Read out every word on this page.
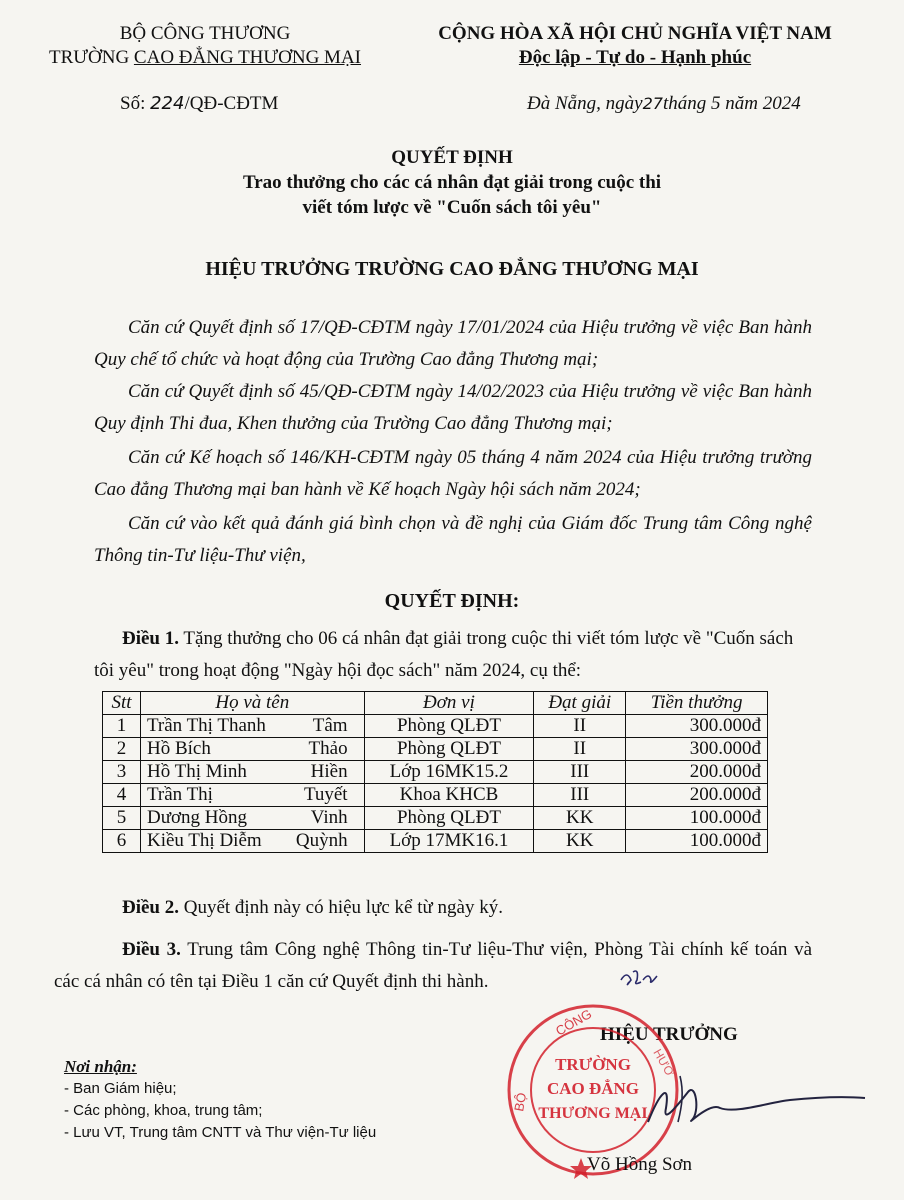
BỘ CÔNG THƯƠNG
TRƯỜNG CAO ĐẲNG THƯƠNG MẠI
CỘNG HÒA XÃ HỘI CHỦ NGHĨA VIỆT NAM
Độc lập - Tự do - Hạnh phúc
Số: 224/QĐ-CĐTM	Đà Nẵng, ngày27tháng 5 năm 2024
QUYẾT ĐỊNH
Trao thưởng cho các cá nhân đạt giải trong cuộc thi
viết tóm lược về "Cuốn sách tôi yêu"
HIỆU TRƯỞNG TRƯỜNG CAO ĐẲNG THƯƠNG MẠI
Căn cứ Quyết định số 17/QĐ-CĐTM ngày 17/01/2024 của Hiệu trưởng về việc Ban hành Quy chế tổ chức và hoạt động của Trường Cao đẳng Thương mại;
Căn cứ Quyết định số 45/QĐ-CĐTM ngày 14/02/2023 của Hiệu trưởng về việc Ban hành Quy định Thi đua, Khen thưởng của Trường Cao đẳng Thương mại;
Căn cứ Kế hoạch số 146/KH-CĐTM ngày 05 tháng 4 năm 2024 của Hiệu trưởng trường Cao đẳng Thương mại ban hành về Kế hoạch Ngày hội sách năm 2024;
Căn cứ vào kết quả đánh giá bình chọn và đề nghị của Giám đốc Trung tâm Công nghệ Thông tin-Tư liệu-Thư viện,
QUYẾT ĐỊNH:
Điều 1. Tặng thưởng cho 06 cá nhân đạt giải trong cuộc thi viết tóm lược về "Cuốn sách tôi yêu" trong hoạt động "Ngày hội đọc sách" năm 2024, cụ thể:
Stt	Họ và tên	Đơn vị	Đạt giải	Tiền thưởng
1	Trần Thị Thanh Tâm	Phòng QLĐT	II	300.000đ
2	Hồ Bích Thảo	Phòng QLĐT	II	300.000đ
3	Hồ Thị Minh Hiền	Lớp 16MK15.2	III	200.000đ
4	Trần Thị Tuyết	Khoa KHCB	III	200.000đ
5	Dương Hồng Vinh	Phòng QLĐT	KK	100.000đ
6	Kiều Thị Diễm Quỳnh	Lớp 17MK16.1	KK	100.000đ
Điều 2. Quyết định này có hiệu lực kể từ ngày ký.
Điều 3. Trung tâm Công nghệ Thông tin-Tư liệu-Thư viện, Phòng Tài chính kế toán và các cá nhân có tên tại Điều 1 căn cứ Quyết định thi hành.
Nơi nhận:
- Ban Giám hiệu;
- Các phòng, khoa, trung tâm;
- Lưu VT, Trung tâm CNTT và Thư viện-Tư liệu
HIỆU TRƯỞNG
CÔNG
BỘ
HƯƠ
TRƯỜNG
CAO ĐẲNG
THƯƠNG MẠI
Võ Hồng Sơn
